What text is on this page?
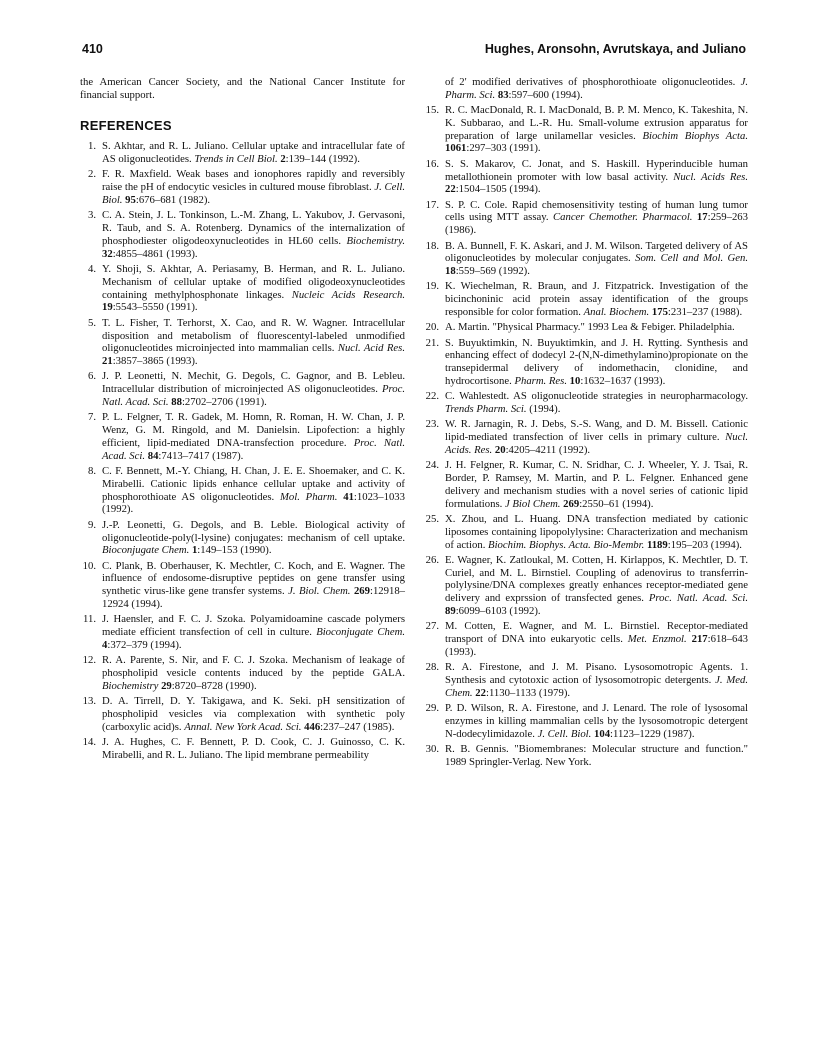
410	Hughes, Aronsohn, Avrutskaya, and Juliano

the American Cancer Society, and the National Cancer Institute for financial support.

REFERENCES
1. S. Akhtar, and R. L. Juliano. Cellular uptake and intracellular fate of AS oligonucleotides. Trends in Cell Biol. 2:139–144 (1992).
2. F. R. Maxfield. Weak bases and ionophores rapidly and reversibly raise the pH of endocytic vesicles in cultured mouse fibroblast. J. Cell. Biol. 95:676–681 (1982).
3. C. A. Stein, J. L. Tonkinson, L.-M. Zhang, L. Yakubov, J. Gervasoni, R. Taub, and S. A. Rotenberg. Dynamics of the internalization of phosphodiester oligodeoxynucleotides in HL60 cells. Biochemistry. 32:4855–4861 (1993).
4. Y. Shoji, S. Akhtar, A. Periasamy, B. Herman, and R. L. Juliano. Mechanism of cellular uptake of modified oligodeoxynucleotides containing methylphosphonate linkages. Nucleic Acids Research. 19:5543–5550 (1991).
5. T. L. Fisher, T. Terhorst, X. Cao, and R. W. Wagner. Intracellular disposition and metabolism of fluorescentyl-labeled unmodified oligonucleotides microinjected into mammalian cells. Nucl. Acid Res. 21:3857–3865 (1993).
6. J. P. Leonetti, N. Mechit, G. Degols, C. Gagnor, and B. Lebleu. Intracellular distribution of microinjected AS oligonucleotides. Proc. Natl. Acad. Sci. 88:2702–2706 (1991).
7. P. L. Felgner, T. R. Gadek, M. Homn, R. Roman, H. W. Chan, J. P. Wenz, G. M. Ringold, and M. Danielsin. Lipofection: a highly efficient, lipid-mediated DNA-transfection procedure. Proc. Natl. Acad. Sci. 84:7413–7417 (1987).
8. C. F. Bennett, M.-Y. Chiang, H. Chan, J. E. E. Shoemaker, and C. K. Mirabelli. Cationic lipids enhance cellular uptake and activity of phosphorothioate AS oligonucleotides. Mol. Pharm. 41:1023–1033 (1992).
9. J.-P. Leonetti, G. Degols, and B. Leble. Biological activity of oligonucleotide-poly(l-lysine) conjugates: mechanism of cell uptake. Bioconjugate Chem. 1:149–153 (1990).
10. C. Plank, B. Oberhauser, K. Mechtler, C. Koch, and E. Wagner. The influence of endosome-disruptive peptides on gene transfer using synthetic virus-like gene transfer systems. J. Biol. Chem. 269:12918–12924 (1994).
11. J. Haensler, and F. C. J. Szoka. Polyamidoamine cascade polymers mediate efficient transfection of cell in culture. Bioconjugate Chem. 4:372–379 (1994).
12. R. A. Parente, S. Nir, and F. C. J. Szoka. Mechanism of leakage of phospholipid vesicle contents induced by the peptide GALA. Biochemistry 29:8720–8728 (1990).
13. D. A. Tirrell, D. Y. Takigawa, and K. Seki. pH sensitization of phospholipid vesicles via complexation with synthetic poly (carboxylic acid)s. Annal. New York Acad. Sci. 446:237–247 (1985).
14. J. A. Hughes, C. F. Bennett, P. D. Cook, C. J. Guinosso, C. K. Mirabelli, and R. L. Juliano. The lipid membrane permeability
of 2′ modified derivatives of phosphorothioate oligonucleotides. J. Pharm. Sci. 83:597–600 (1994).
15. R. C. MacDonald, R. I. MacDonald, B. P. M. Menco, K. Takeshita, N. K. Subbarao, and L.-R. Hu. Small-volume extrusion apparatus for preparation of large unilamellar vesicles. Biochim Biophys Acta. 1061:297–303 (1991).
16. S. S. Makarov, C. Jonat, and S. Haskill. Hyperinducible human metallothionein promoter with low basal activity. Nucl. Acids Res. 22:1504–1505 (1994).
17. S. P. C. Cole. Rapid chemosensitivity testing of human lung tumor cells using MTT assay. Cancer Chemother. Pharmacol. 17:259–263 (1986).
18. B. A. Bunnell, F. K. Askari, and J. M. Wilson. Targeted delivery of AS oligonucleotides by molecular conjugates. Som. Cell and Mol. Gen. 18:559–569 (1992).
19. K. Wiechelman, R. Braun, and J. Fitzpatrick. Investigation of the bicinchoninic acid protein assay identification of the groups responsible for color formation. Anal. Biochem. 175:231–237 (1988).
20. A. Martin. "Physical Pharmacy." 1993 Lea & Febiger. Philadelphia.
21. S. Buyuktimkin, N. Buyuktimkin, and J. H. Rytting. Synthesis and enhancing effect of dodecyl 2-(N,N-dimethylamino)propionate on the transepidermal delivery of indomethacin, clonidine, and hydrocortisone. Pharm. Res. 10:1632–1637 (1993).
22. C. Wahlestedt. AS oligonucleotide strategies in neuropharmacology. Trends Pharm. Sci. (1994).
23. W. R. Jarnagin, R. J. Debs, S.-S. Wang, and D. M. Bissell. Cationic lipid-mediated transfection of liver cells in primary culture. Nucl. Acids. Res. 20:4205–4211 (1992).
24. J. H. Felgner, R. Kumar, C. N. Sridhar, C. J. Wheeler, Y. J. Tsai, R. Border, P. Ramsey, M. Martin, and P. L. Felgner. Enhanced gene delivery and mechanism studies with a novel series of cationic lipid formulations. J Biol Chem. 269:2550–61 (1994).
25. X. Zhou, and L. Huang. DNA transfection mediated by cationic liposomes containing lipopolylysine: Characterization and mechanism of action. Biochim. Biophys. Acta. Bio-Membr. 1189:195–203 (1994).
26. E. Wagner, K. Zatloukal, M. Cotten, H. Kirlappos, K. Mechtler, D. T. Curiel, and M. L. Birnstiel. Coupling of adenovirus to transferrin-polylysine/DNA complexes greatly enhances receptor-mediated gene delivery and exprssion of transfected genes. Proc. Natl. Acad. Sci. 89:6099–6103 (1992).
27. M. Cotten, E. Wagner, and M. L. Birnstiel. Receptor-mediated transport of DNA into eukaryotic cells. Met. Enzmol. 217:618–643 (1993).
28. R. A. Firestone, and J. M. Pisano. Lysosomotropic Agents. 1. Synthesis and cytotoxic action of lysosomotropic detergents. J. Med. Chem. 22:1130–1133 (1979).
29. P. D. Wilson, R. A. Firestone, and J. Lenard. The role of lysosomal enzymes in killing mammalian cells by the lysosomotropic detergent N-dodecylimidazole. J. Cell. Biol. 104:1123–1229 (1987).
30. R. B. Gennis. "Biomembranes: Molecular structure and function." 1989 Springler-Verlag. New York.
